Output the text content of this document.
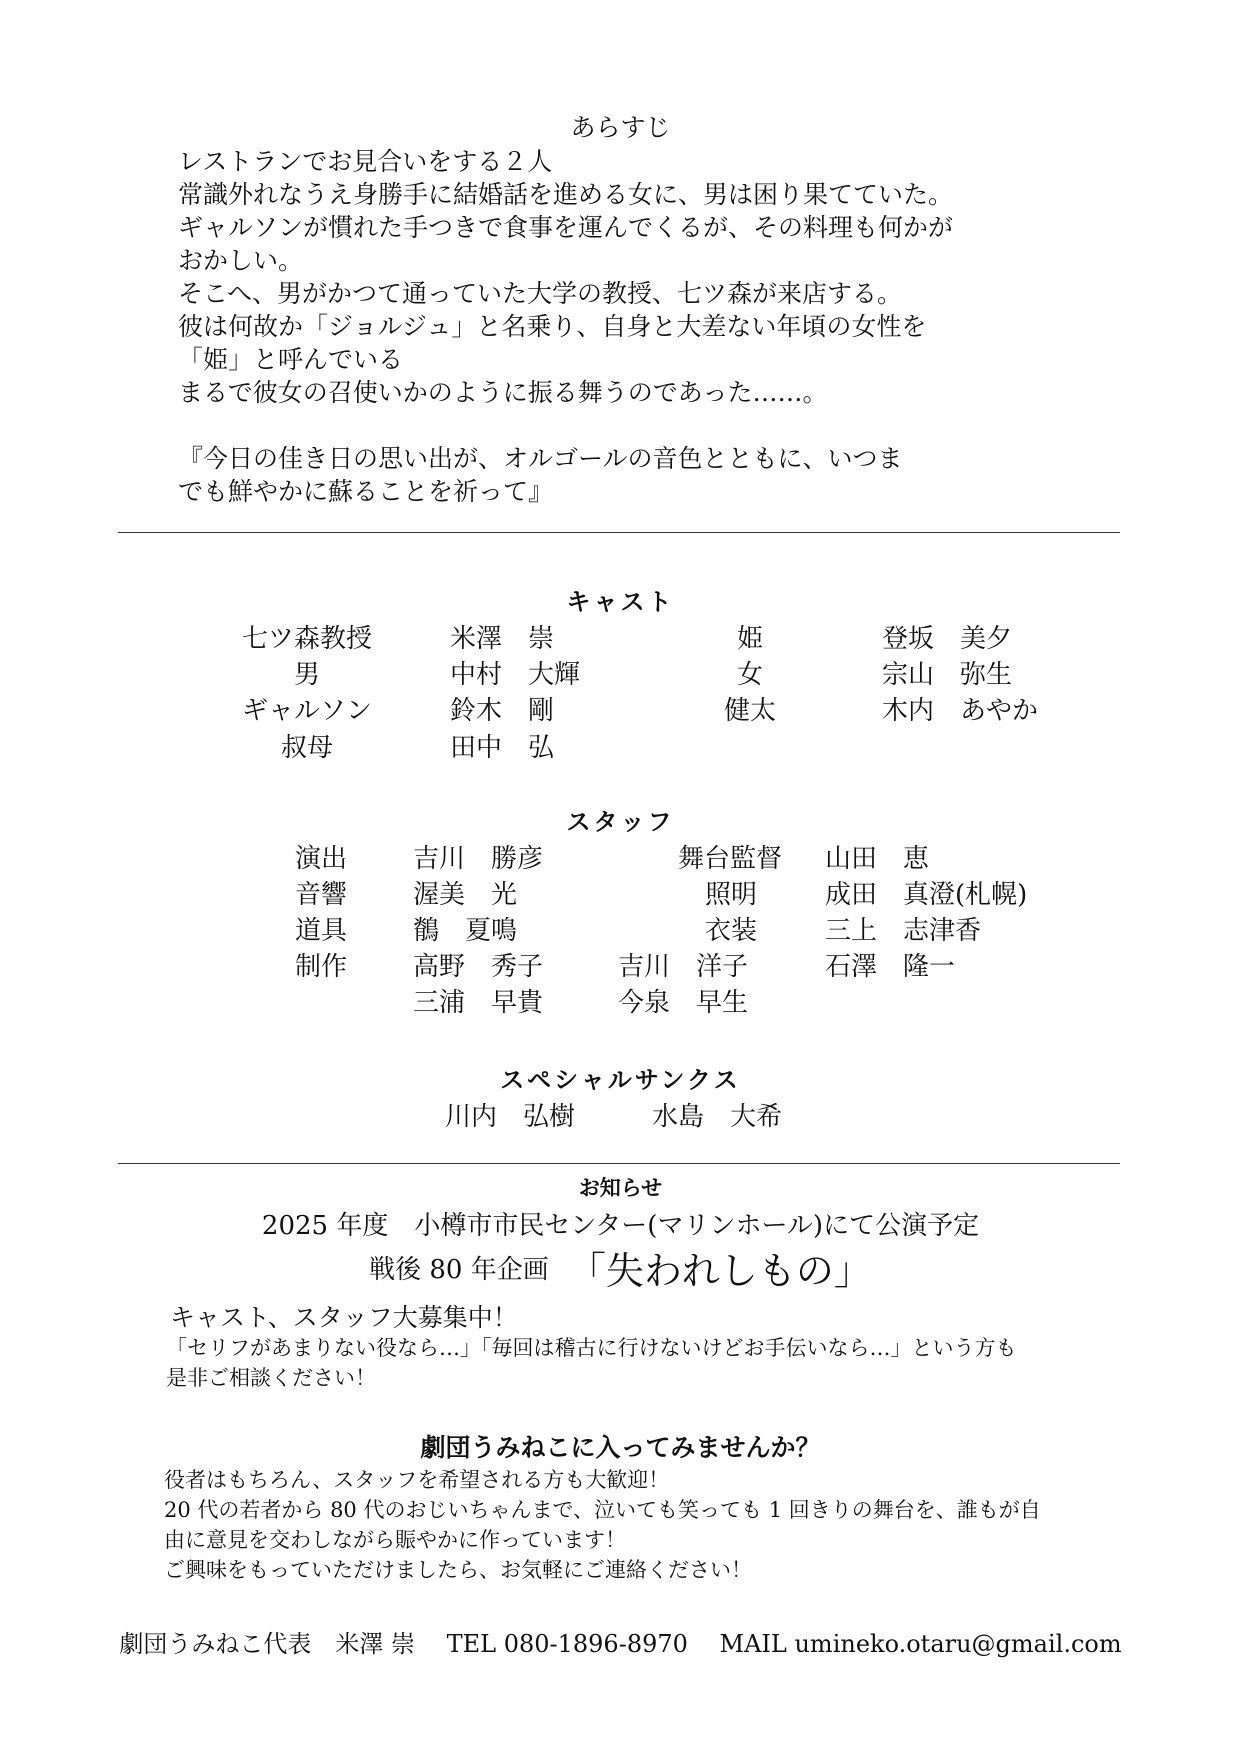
あらすじ

レストランでお見合いをする２人

常識外れなうえ身勝手に結婚話を進める女に、男は困り果てていた。

ギャルソンが慣れた手つきで食事を運んでくるが、その料理も何かが

おかしい。

そこへ、男がかつて通っていた大学の教授、七ツ森が来店する。

彼は何故か「ジョルジュ」と名乗り、自身と大差ない年頃の女性を

「姫」と呼んでいる

まるで彼女の召使いかのように振る舞うのであった……。

『今日の佳き日の思い出が、オルゴールの音色とともに、いつま

でも鮮やかに蘇ることを祈って』

キャスト
七ツ森教授	米澤　崇	姫	登坂　美夕
男	中村　大輝	女	宗山　弥生
ギャルソン	鈴木　剛	健太	木内　あやか
叔母	田中　弘
スタッフ
演出	吉川　勝彦	舞台監督 山田　恵
音響	渥美　光	照明	成田　真澄(札幌)
道具	鶺　夏鳴	衣装	三上　志津香
制作	高野　秀子	吉川　洋子	石澤　隆一
三浦　早貴	今泉　早生
スペシャルサンクス
川内　弘樹	水島　大希
お知らせ
2025 年度　小樽市市民センター(マリンホール)にて公演予定
戦後 80 年企画 「失われしもの」
キャスト、スタッフ大募集中！

「セリフがあまりない役なら…」「毎回は稽古に行けないけどお手伝いなら…」という方も

是非ご相談ください！

劇団うみねこに入ってみませんか？

役者はもちろん、スタッフを希望される方も大歓迎！

20 代の若者から 80 代のおじいちゃんまで、泣いても笑っても 1 回きりの舞台を、誰もが自

由に意見を交わしながら賑やかに作っています！

ご興味をもっていただけましたら、お気軽にご連絡ください！

劇団うみねこ代表　米澤 崇　 TEL 080-1896-8970　 MAIL umineko.otaru@gmail.com
